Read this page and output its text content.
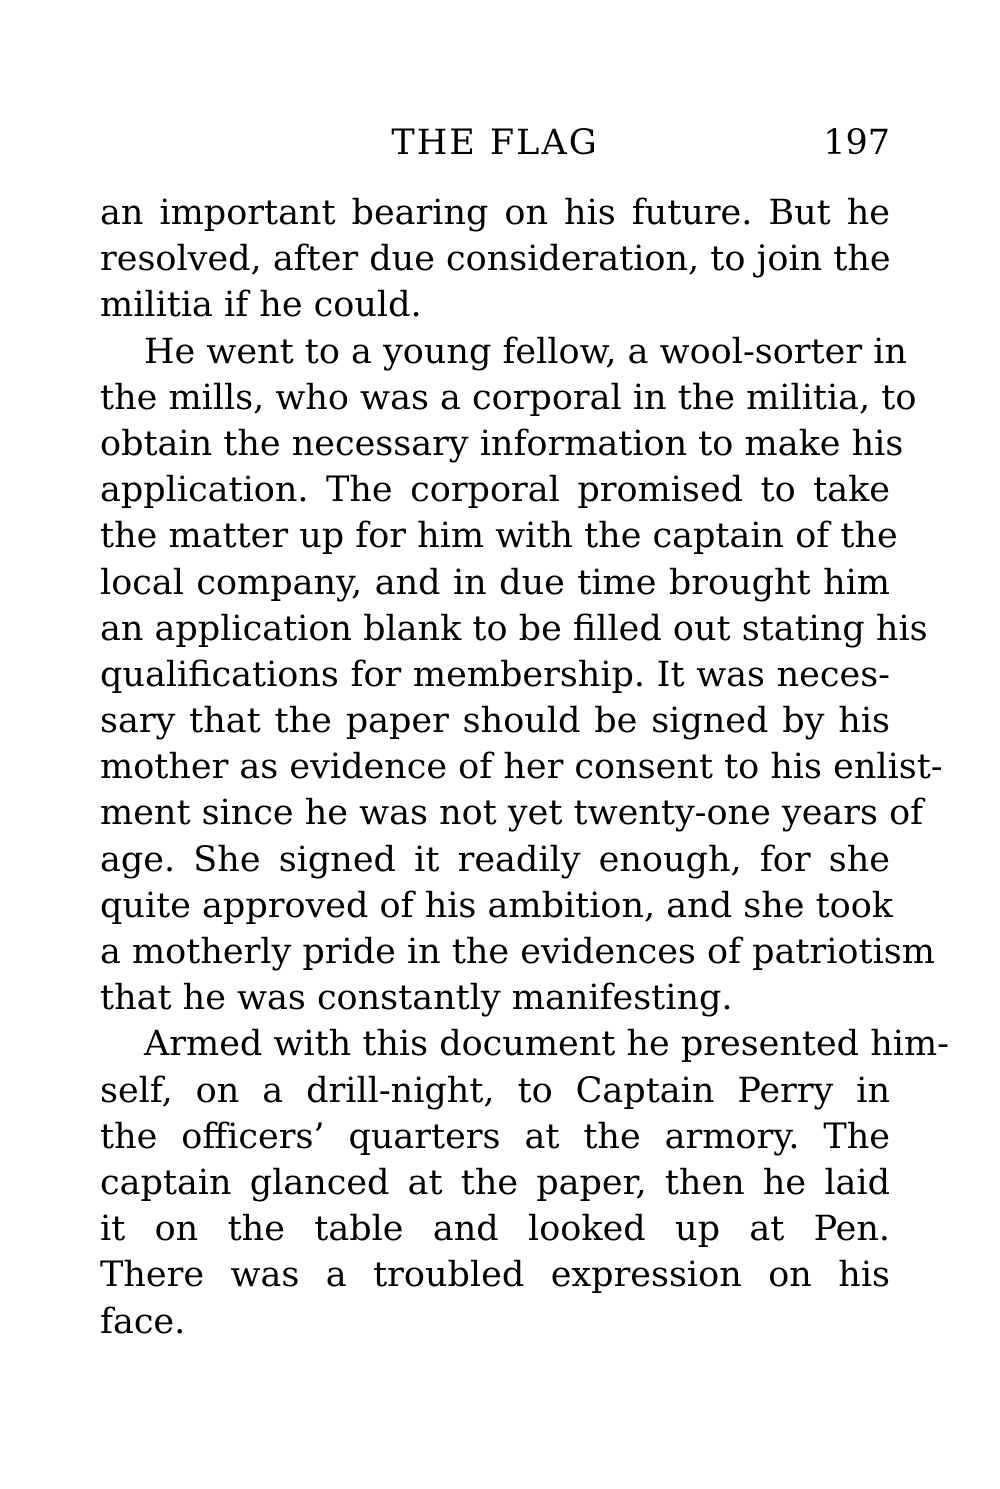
THE FLAG	197
an important bearing on his future. But he
resolved, after due consideration, to join the
militia if he could.
He went to a young fellow, a wool-sorter in
the mills, who was a corporal in the militia, to
obtain the necessary information to make his
application. The corporal promised to take
the matter up for him with the captain of the
local company, and in due time brought him
an application blank to be filled out stating his
qualifications for membership. It was neces-
sary that the paper should be signed by his
mother as evidence of her consent to his enlist-
ment since he was not yet twenty-one years of
age. She signed it readily enough, for she
quite approved of his ambition, and she took
a motherly pride in the evidences of patriotism
that he was constantly manifesting.
Armed with this document he presented him-
self, on a drill-night, to Captain Perry in
the officers’ quarters at the armory. The
captain glanced at the paper, then he laid
it on the table and looked up at Pen.
There was a troubled expression on his
face.
